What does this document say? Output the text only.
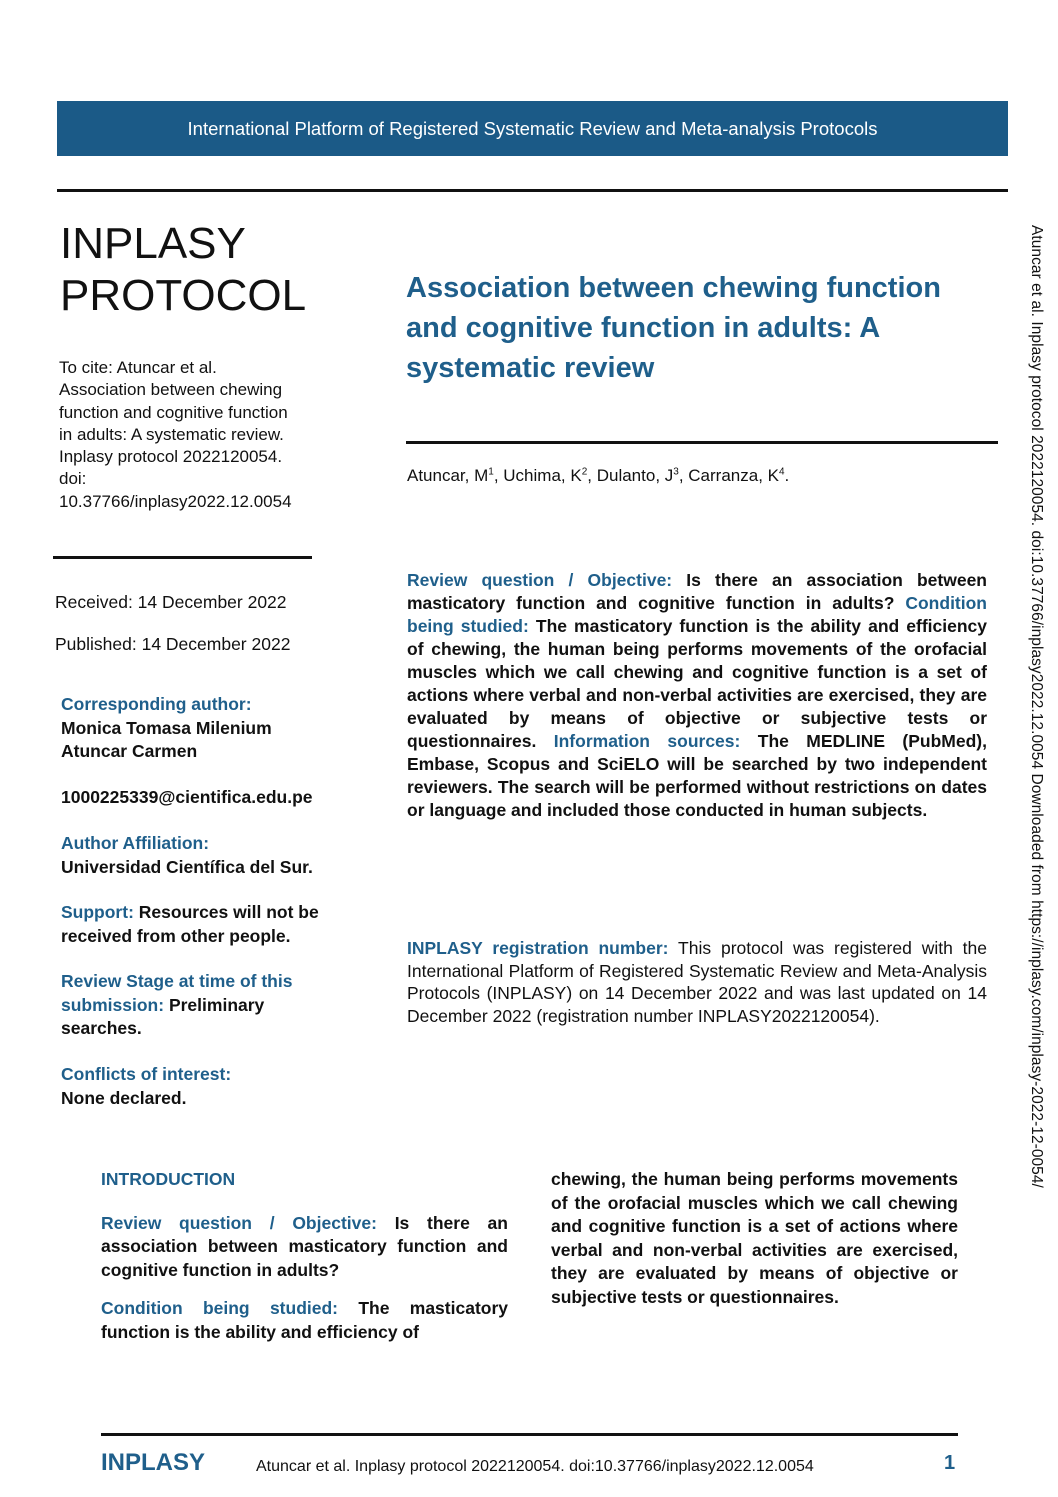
International Platform of Registered Systematic Review and Meta-analysis Protocols
INPLASY
PROTOCOL
To cite: Atuncar et al.
Association between chewing
function and cognitive function
in adults: A systematic review.
Inplasy protocol 2022120054.
doi:
10.37766/inplasy2022.12.0054
Received: 14 December 2022
Published: 14 December 2022
Corresponding author:
Monica Tomasa Milenium
Atuncar Carmen
1000225339@cientifica.edu.pe
Author Affiliation:
Universidad Científica del Sur.
Support: Resources will not be
received from other people.
Review Stage at time of this
submission: Preliminary
searches.
Conflicts of interest:
None declared.
Association between chewing function and cognitive function in adults: A systematic review
Atuncar, $M^1$, Uchima, $K^2$, Dulanto, $J^3$, Carranza, $K^4$.
Review question / Objective: Is there an association between masticatory function and cognitive function in adults? Condition being studied: The masticatory function is the ability and efficiency of chewing, the human being performs movements of the orofacial muscles which we call chewing and cognitive function is a set of actions where verbal and non-verbal activities are exercised, they are evaluated by means of objective or subjective tests or questionnaires. Information sources: The MEDLINE (PubMed), Embase, Scopus and SciELO will be searched by two independent reviewers. The search will be performed without restrictions on dates or language and included those conducted in human subjects.
INPLASY registration number: This protocol was registered with the International Platform of Registered Systematic Review and Meta-Analysis Protocols (INPLASY) on 14 December 2022 and was last updated on 14 December 2022 (registration number INPLASY2022120054).
INTRODUCTION

Review question / Objective: Is there an association between masticatory function and cognitive function in adults?

Condition being studied: The masticatory function is the ability and efficiency of

chewing, the human being performs movements of the orofacial muscles which we call chewing and cognitive function is a set of actions where verbal and non-verbal activities are exercised, they are evaluated by means of objective or subjective tests or questionnaires.
INPLASY	Atuncar et al. Inplasy protocol 2022120054. doi:10.37766/inplasy2022.12.0054	1
Atuncar et al. Inplasy protocol 2022120054. doi:10.37766/inplasy2022.12.0054 Downloaded from https://inplasy.com/inplasy-2022-12-0054/
